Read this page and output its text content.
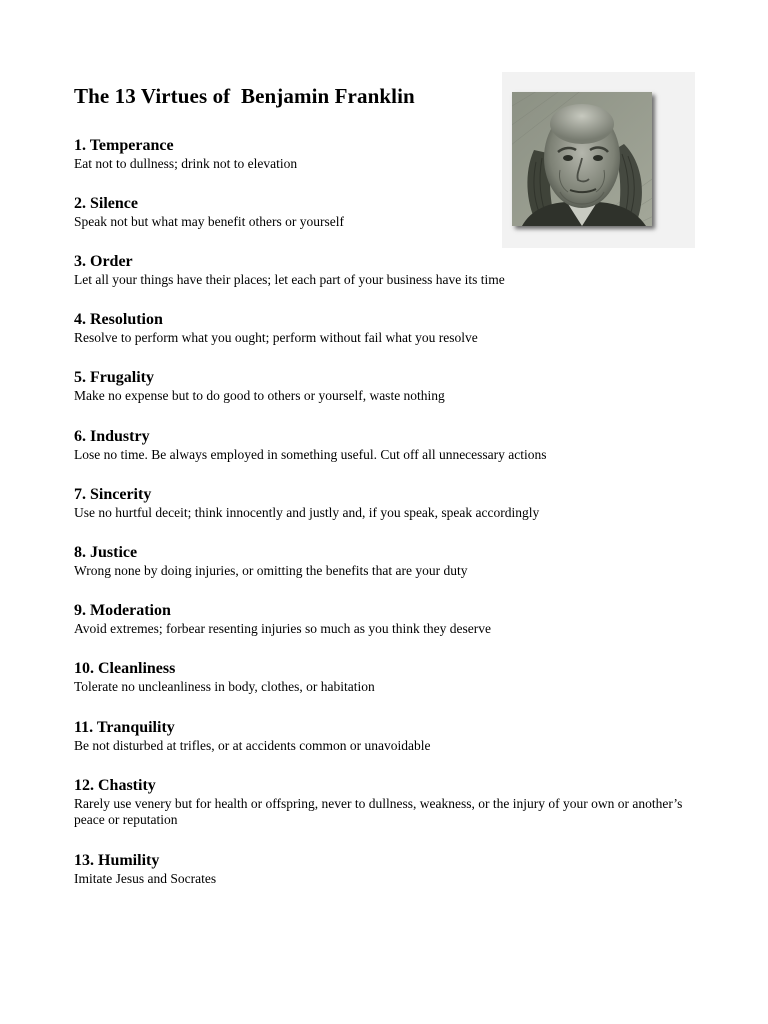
The 13 Virtues of  Benjamin Franklin
1. Temperance
Eat not to dullness; drink not to elevation
2. Silence
Speak not but what may benefit others or yourself
3. Order
Let all your things have their places; let each part of your business have its time
4. Resolution
Resolve to perform what you ought; perform without fail what you resolve
5. Frugality
Make no expense but to do good to others or yourself, waste nothing
6. Industry
Lose no time. Be always employed in something useful. Cut off all unnecessary actions
7. Sincerity
Use no hurtful deceit; think innocently and justly and, if you speak, speak accordingly
8. Justice
Wrong none by doing injuries, or omitting the benefits that are your duty
9. Moderation
Avoid extremes; forbear resenting injuries so much as you think they deserve
10. Cleanliness
Tolerate no uncleanliness in body, clothes, or habitation
11. Tranquility
Be not disturbed at trifles, or at accidents common or unavoidable
12. Chastity
Rarely use venery but for health or offspring, never to dullness, weakness, or the injury of your own or another’s peace or reputation
13. Humility
Imitate Jesus and Socrates
